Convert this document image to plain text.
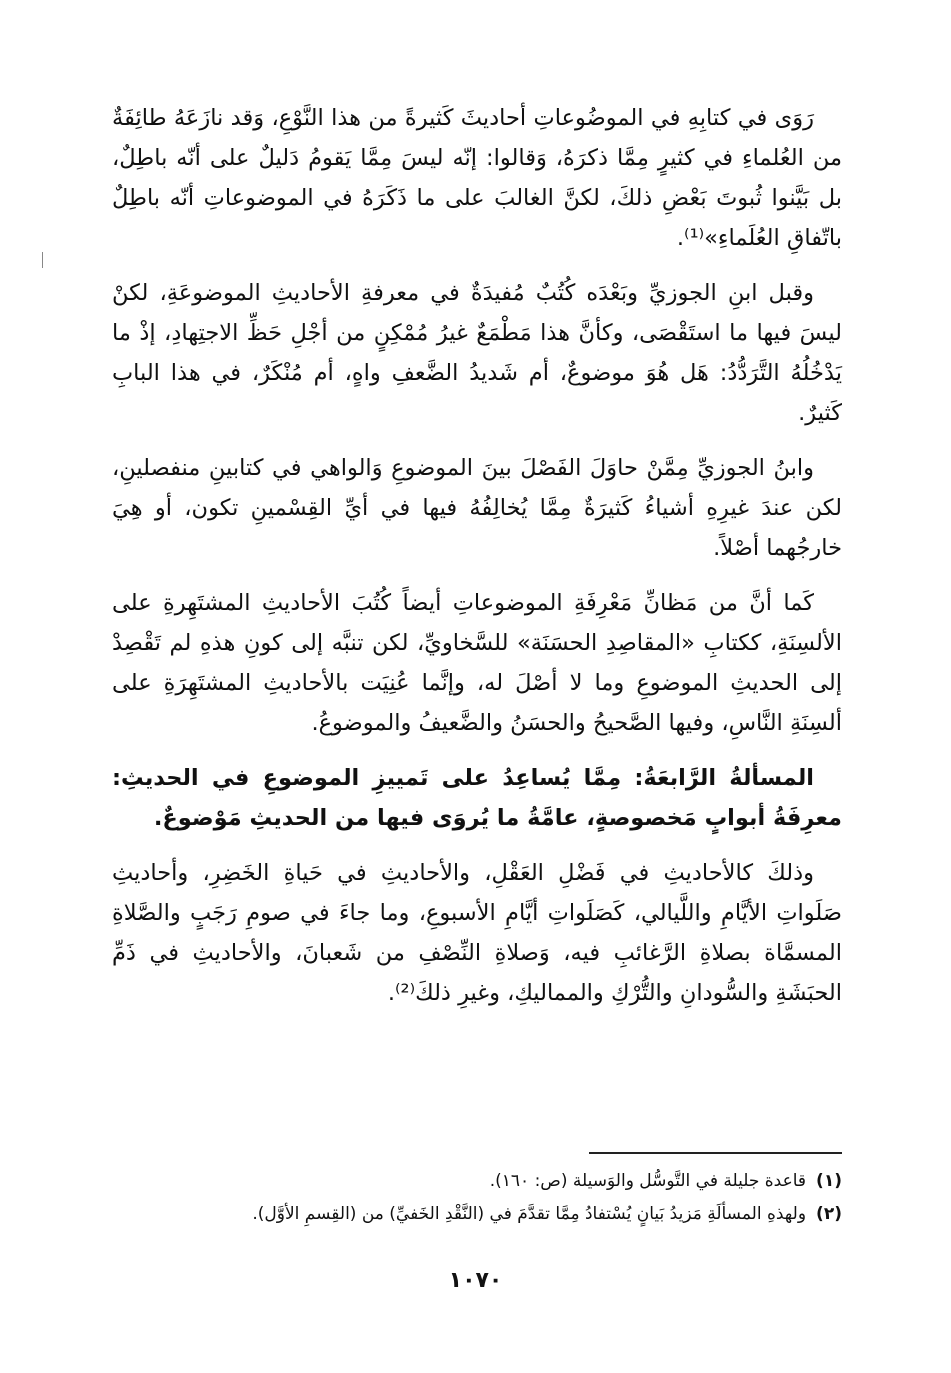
رَوَى في كتابِهِ في الموضُوعاتِ أحاديثَ كَثيرةً من هذا النَّوْعِ، وَقد نازَعَهُ طائِفَةٌ من العُلماءِ في كثيرٍ مِمَّا ذكرَهُ، وَقالوا: إنّه ليسَ مِمَّا يَقومُ دَليلٌ على أنّه باطِلٌ، بل بَيَّنوا ثُبوتَ بَعْضِ ذلكَ، لكنَّ الغالبَ على ما ذَكَرَهُ في الموضوعاتِ أنّه باطِلٌ باتّفاقِ العُلَماءِ»⁽¹⁾.

وقبل ابنِ الجوزيِّ وبَعْدَه كُتُبٌ مُفيدَةٌ في معرفةِ الأحاديثِ الموضوعَةِ، لكنْ ليسَ فيها ما استَقْصَى، وكأنَّ هذا مَطْمَعٌ غيرُ مُمْكِنٍ من أجْلِ حَظِّ الاجتِهادِ، إذْ ما يَدْخُلُهُ التَّرَدُّدُ: هَل هُوَ موضوعٌ، أم شَديدُ الضَّعفِ واهٍ، أم مُنْكَرٌ، في هذا البابِ كَثيرٌ.

وابنُ الجوزيِّ مِمَّنْ حاوَلَ الفَصْلَ بينَ الموضوعِ وَالواهي في كتابينِ منفصلينِ، لكن عندَ غيرِهِ أشياءُ كَثيرَةٌ مِمَّا يُخالِفُهُ فيها في أيِّ القِسْمينِ تكون، أو هِيَ خارجُهما أصْلاً.

كَما أنَّ من مَظانِّ مَعْرِفَةِ الموضوعاتِ أيضاً كُتُبَ الأحاديثِ المشتَهِرةِ على الألسِنَةِ، ككتابِ «المقاصِدِ الحسَنَة» للسَّخاويِّ، لكن تنبَّه إلى كونِ هذهِ لم تَقْصِدْ إلى الحديثِ الموضوعِ وما لا أصْلَ له، وإنَّما عُنِيَت بالأحاديثِ المشتَهِرَةِ على ألسِنَةِ النَّاسِ، وفيها الصَّحيحُ والحسَنُ والضَّعيفُ والموضوعُ.

المسألةُ الرَّابعَةُ: مِمَّا يُساعِدُ على تَمييزِ الموضوعِ في الحديثِ: معرِفَةُ أبوابٍ مَخصوصةٍ، عامَّةُ ما يُروَى فيها من الحديثِ مَوْضوعٌ.

وذلكَ كالأحاديثِ في فَضْلِ العَقْلِ، والأحاديثِ في حَياةِ الخَضِرِ، وأحاديثِ صَلَواتِ الأيَّامِ واللَّيالي، كَصَلَواتِ أيَّامِ الأسبوعِ، وما جاءَ في صومِ رَجَبٍ والصَّلاةِ المسمَّاة بصلاةِ الرَّغائبِ فيه، وَصلاةِ النِّصْفِ من شَعبانَ، والأحاديثِ في ذَمِّ الحبَشَةِ والسُّودانِ والتُّرْكِ والمماليكِ، وغيرِ ذلكَ⁽²⁾.

(١)قاعدة جليلة في التَّوسُّل والوَسيلة (ص: ١٦٠).

(٢)ولهذهِ المسألَةِ مَزيدُ بَيانٍ يُسْتفادُ مِمَّا تقدَّمَ في (النَّقْدِ الخَفيِّ) من (القِسمِ الأوَّل).

١٠٧٠
